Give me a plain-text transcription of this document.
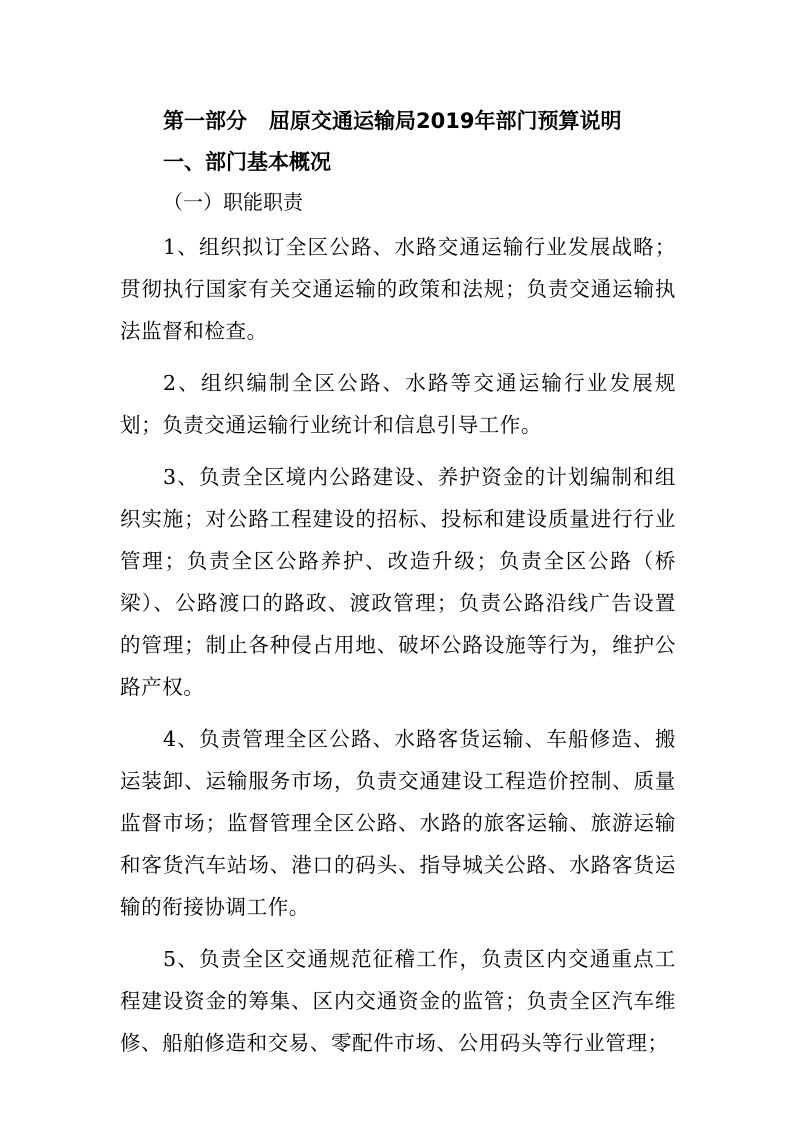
第一部分 屈原交通运输局2019年部门预算说明
一、部门基本概况
（一）职能职责

1、组织拟订全区公路、水路交通运输行业发展战略；贯彻执行国家有关交通运输的政策和法规；负责交通运输执法监督和检查。

2、组织编制全区公路、水路等交通运输行业发展规划；负责交通运输行业统计和信息引导工作。

3、负责全区境内公路建设、养护资金的计划编制和组织实施；对公路工程建设的招标、投标和建设质量进行行业管理；负责全区公路养护、改造升级；负责全区公路（桥梁）、公路渡口的路政、渡政管理；负责公路沿线广告设置的管理；制止各种侵占用地、破坏公路设施等行为，维护公路产权。

4、负责管理全区公路、水路客货运输、车船修造、搬运装卸、运输服务市场，负责交通建设工程造价控制、质量监督市场；监督管理全区公路、水路的旅客运输、旅游运输和客货汽车站场、港口的码头、指导城关公路、水路客货运输的衔接协调工作。

5、负责全区交通规范征稽工作，负责区内交通重点工程建设资金的筹集、区内交通资金的监管；负责全区汽车维修、船舶修造和交易、零配件市场、公用码头等行业管理；
